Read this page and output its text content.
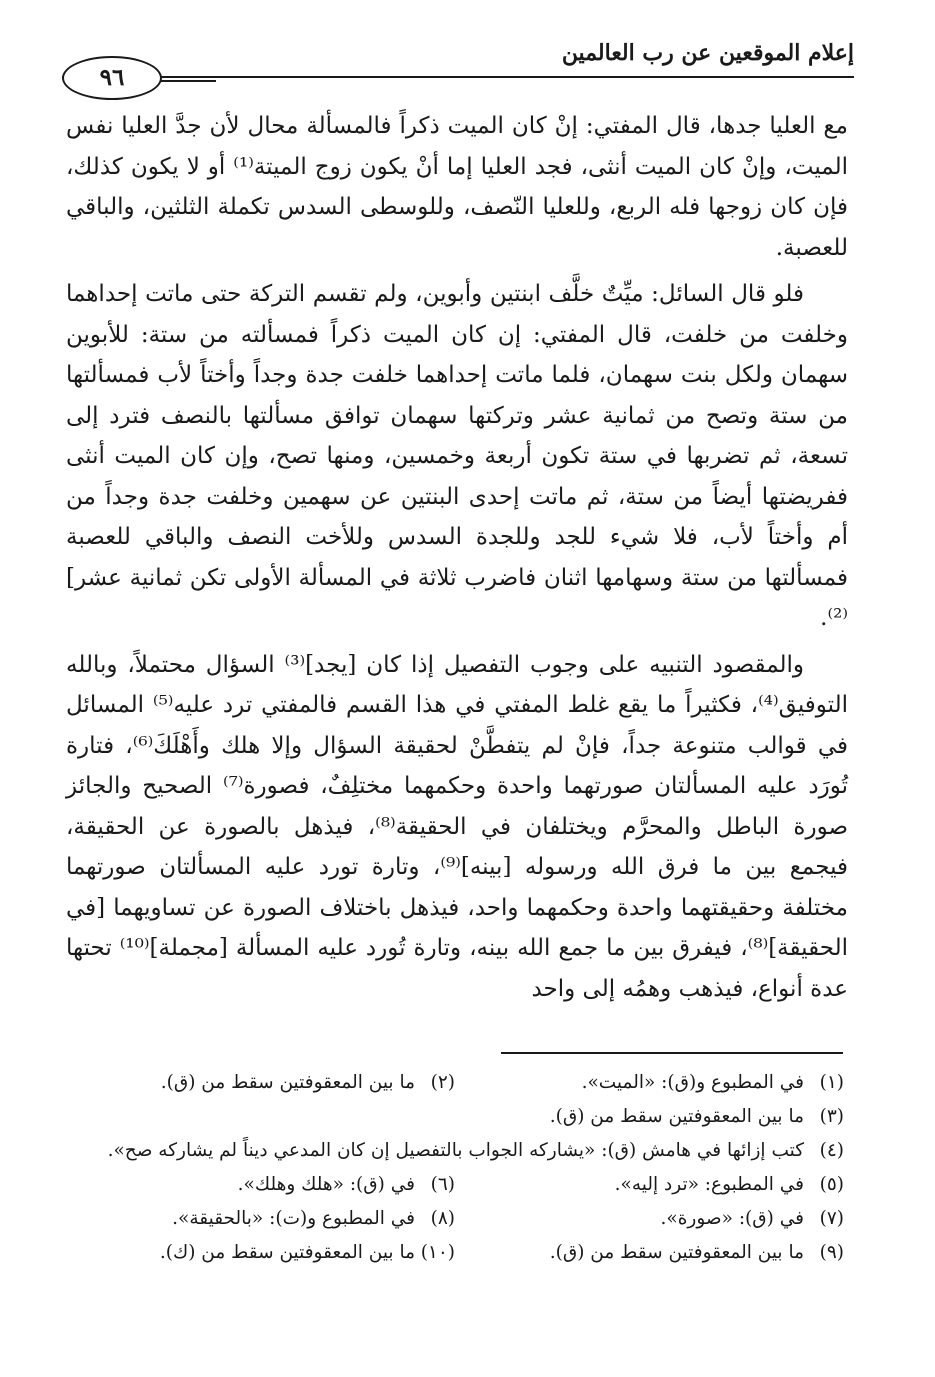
إعلام الموقعين عن رب العالمين
٩٦

مع العليا جدها، قال المفتي: إنْ كان الميت ذكراً فالمسألة محال لأن جدَّ العليا نفس الميت، وإنْ كان الميت أنثى، فجد العليا إما أنْ يكون زوج الميتة⁽¹⁾ أو لا يكون كذلك، فإن كان زوجها فله الربع، وللعليا النّصف، وللوسطى السدس تكملة الثلثين، والباقي للعصبة.

فلو قال السائل: ميِّتٌ خلَّف ابنتين وأبوين، ولم تقسم التركة حتى ماتت إحداهما وخلفت من خلفت، قال المفتي: إن كان الميت ذكراً فمسألته من ستة: للأبوين سهمان ولكل بنت سهمان، فلما ماتت إحداهما خلفت جدة وجداً وأختاً لأب فمسألتها من ستة وتصح من ثمانية عشر وتركتها سهمان توافق مسألتها بالنصف فترد إلى تسعة، ثم تضربها في ستة تكون أربعة وخمسين، ومنها تصح، وإن كان الميت أنثى ففريضتها أيضاً من ستة، ثم ماتت إحدى البنتين عن سهمين وخلفت جدة وجداً من أم وأختاً لأب، فلا شيء للجد وللجدة السدس وللأخت النصف والباقي للعصبة فمسألتها من ستة وسهامها اثنان فاضرب ثلاثة في المسألة الأولى تكن ثمانية عشر]⁽²⁾.

والمقصود التنبيه على وجوب التفصيل إذا كان [يجد]⁽³⁾ السؤال محتملاً، وبالله التوفيق⁽⁴⁾، فكثيراً ما يقع غلط المفتي في هذا القسم فالمفتي ترد عليه⁽⁵⁾ المسائل في قوالب متنوعة جداً، فإنْ لم يتفطَّنْ لحقيقة السؤال وإلا هلك وأَهْلَكَ⁽⁶⁾، فتارة تُورَد عليه المسألتان صورتهما واحدة وحكمهما مختلِفٌ، فصورة⁽⁷⁾ الصحيح والجائز صورة الباطل والمحرَّم ويختلفان في الحقيقة⁽⁸⁾، فيذهل بالصورة عن الحقيقة، فيجمع بين ما فرق الله ورسوله [بينه]⁽⁹⁾، وتارة تورد عليه المسألتان صورتهما مختلفة وحقيقتهما واحدة وحكمهما واحد، فيذهل باختلاف الصورة عن تساويهما [في الحقيقة]⁽⁸⁾، فيفرق بين ما جمع الله بينه، وتارة تُورد عليه المسألة [مجملة]⁽¹⁰⁾ تحتها عدة أنواع، فيذهب وهمُه إلى واحد

(١)
في المطبوع و(ق): «الميت».
(٢)
ما بين المعقوفتين سقط من (ق).
(٣)
ما بين المعقوفتين سقط من (ق).
(٤)
كتب إزائها في هامش (ق): «يشاركه الجواب بالتفصيل إن كان المدعي ديناً لم يشاركه صح».
(٥)
في المطبوع: «ترد إليه».
(٦)
في (ق): «هلك وهلك».
(٧)
في (ق): «صورة».
(٨)
في المطبوع و(ت): «بالحقيقة».
(٩)
ما بين المعقوفتين سقط من (ق).
(١٠)
ما بين المعقوفتين سقط من (ك).
